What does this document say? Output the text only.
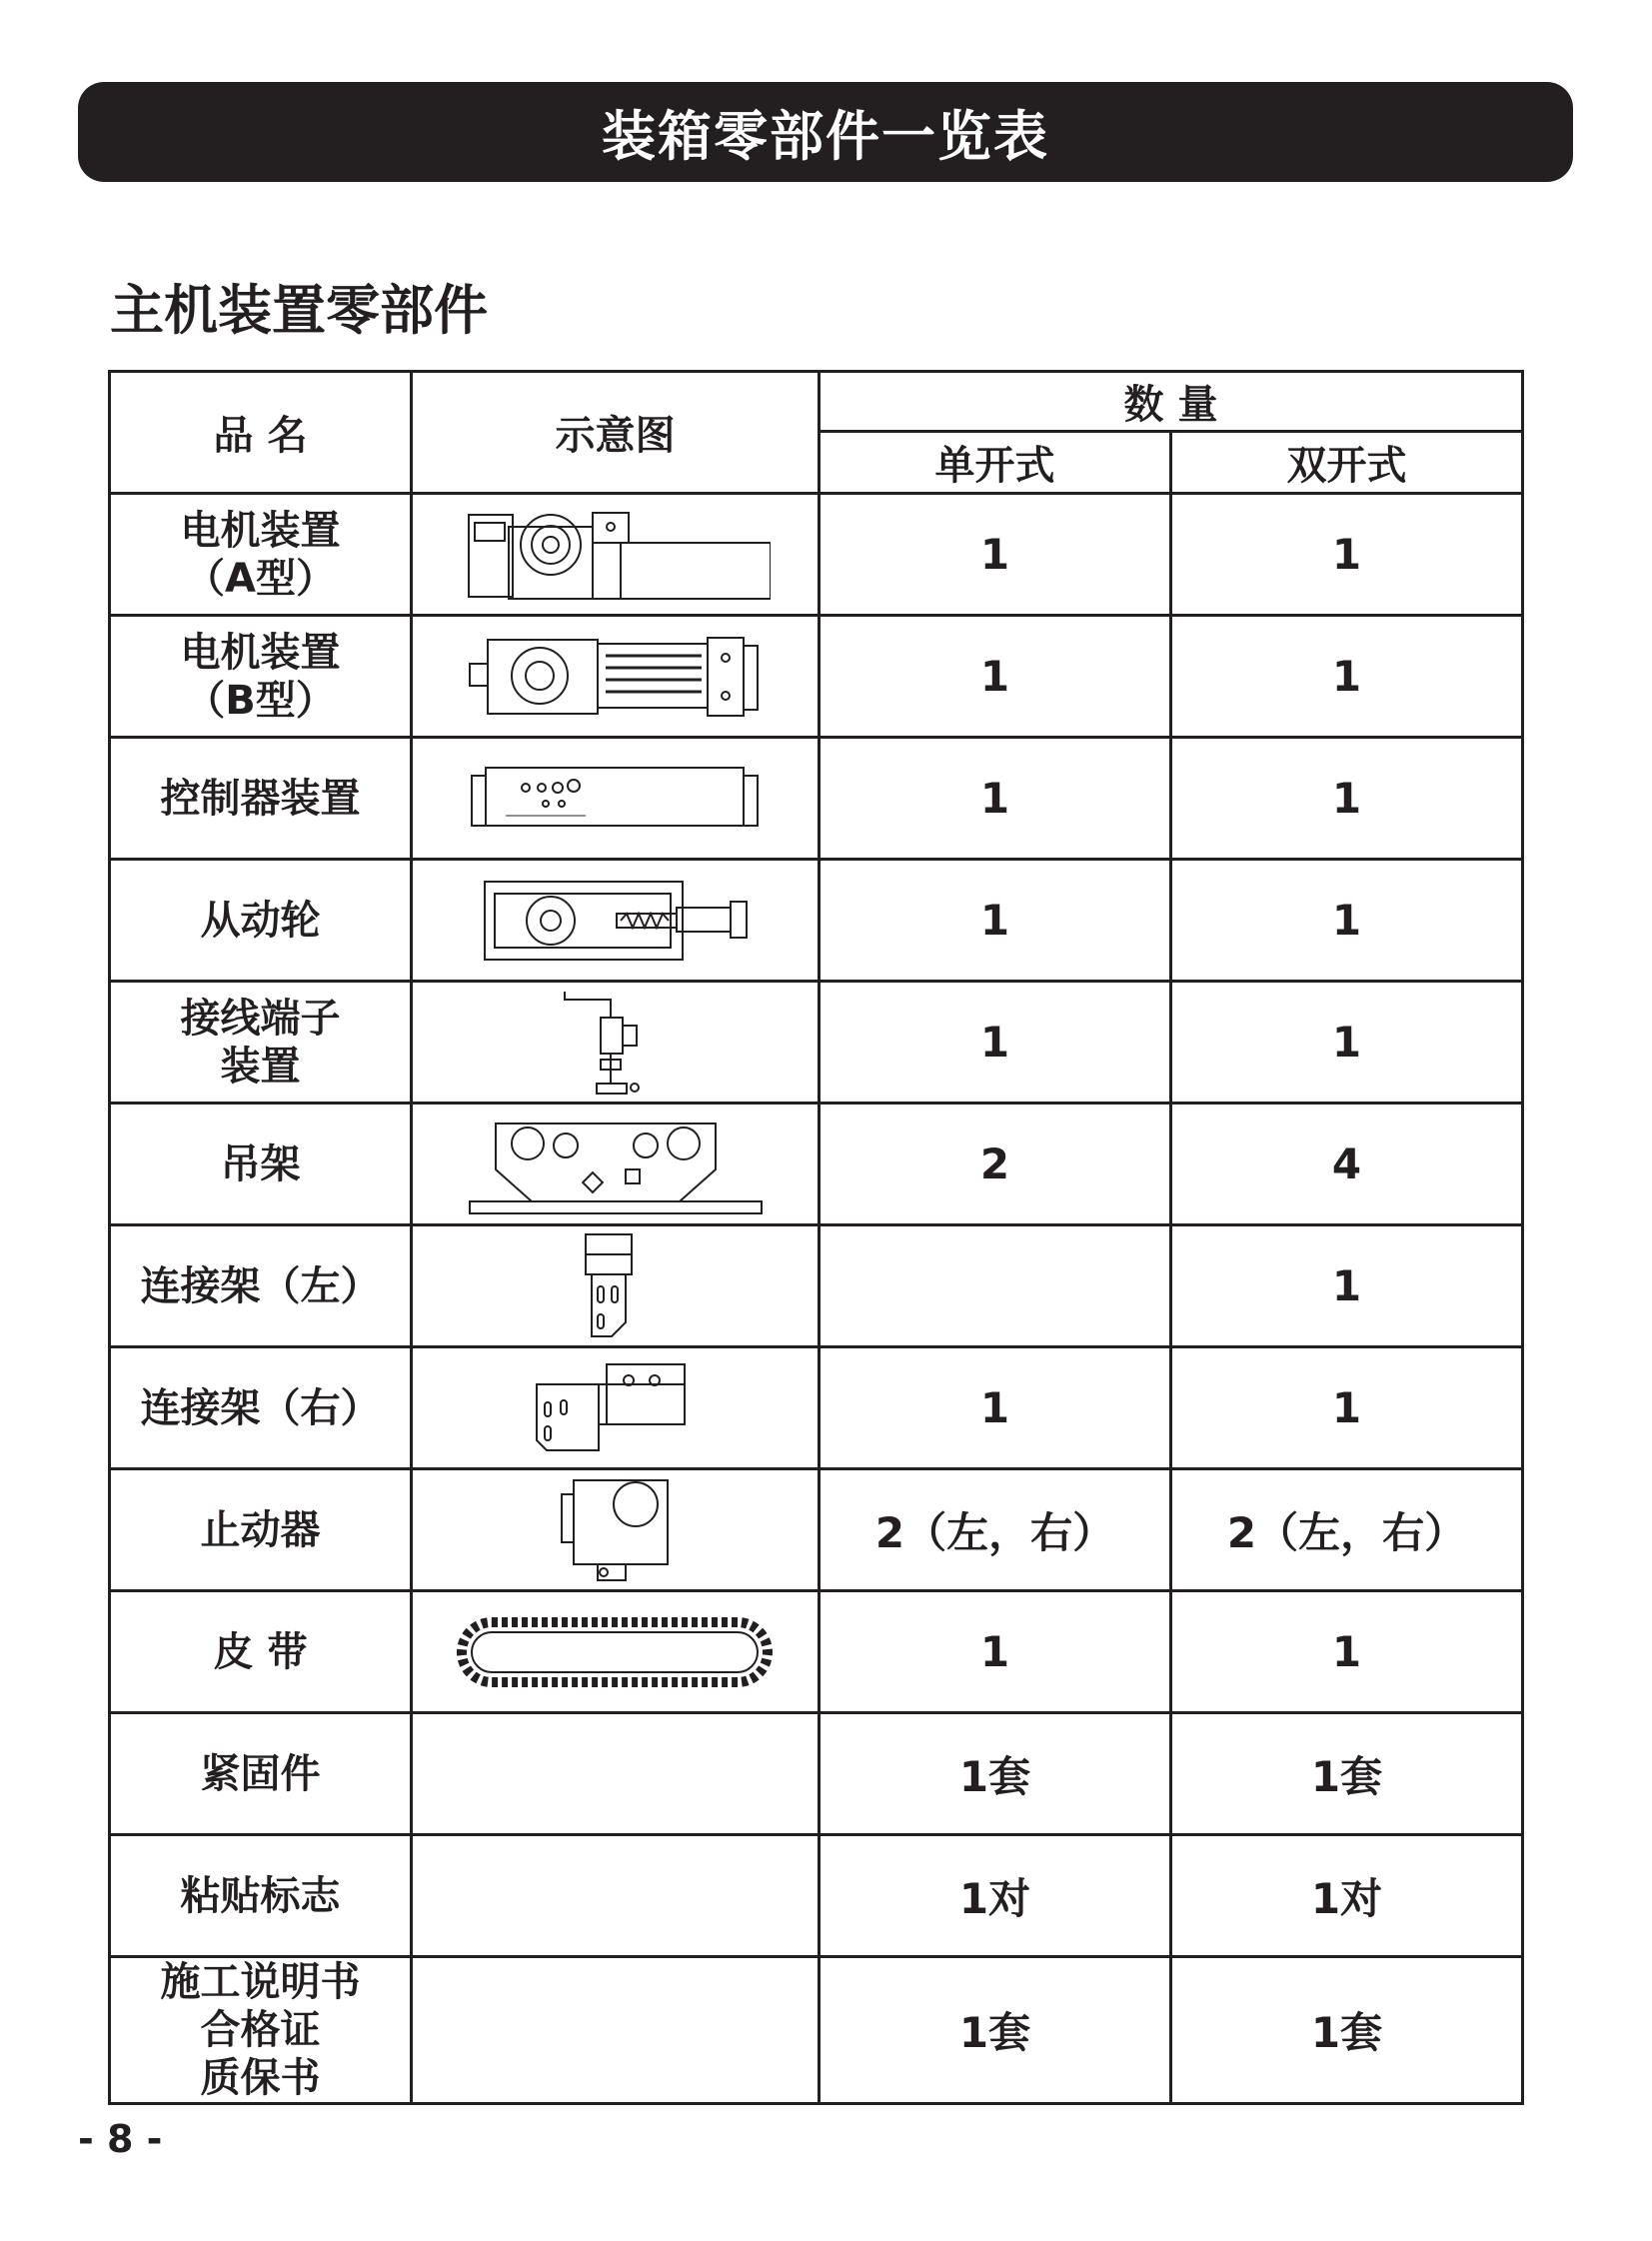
装箱零部件一览表
主机装置零部件
品 名	示意图	数 量	
		单开式	双开式

电机装置
（A型）		1	1

电机装置
（B型）		1	1

控制器装置		1	1

从动轮		1	1

接线端子
装置		1	1

吊架		2	4

连接架（左）			1

连接架（右）		1	1

止动器		2（左，右）	2（左，右）

皮 带		1	1

紧固件		1套	1套

粘贴标志		1对	1对

施工说明书
合格证
质保书		1套	1套
- 8 -
